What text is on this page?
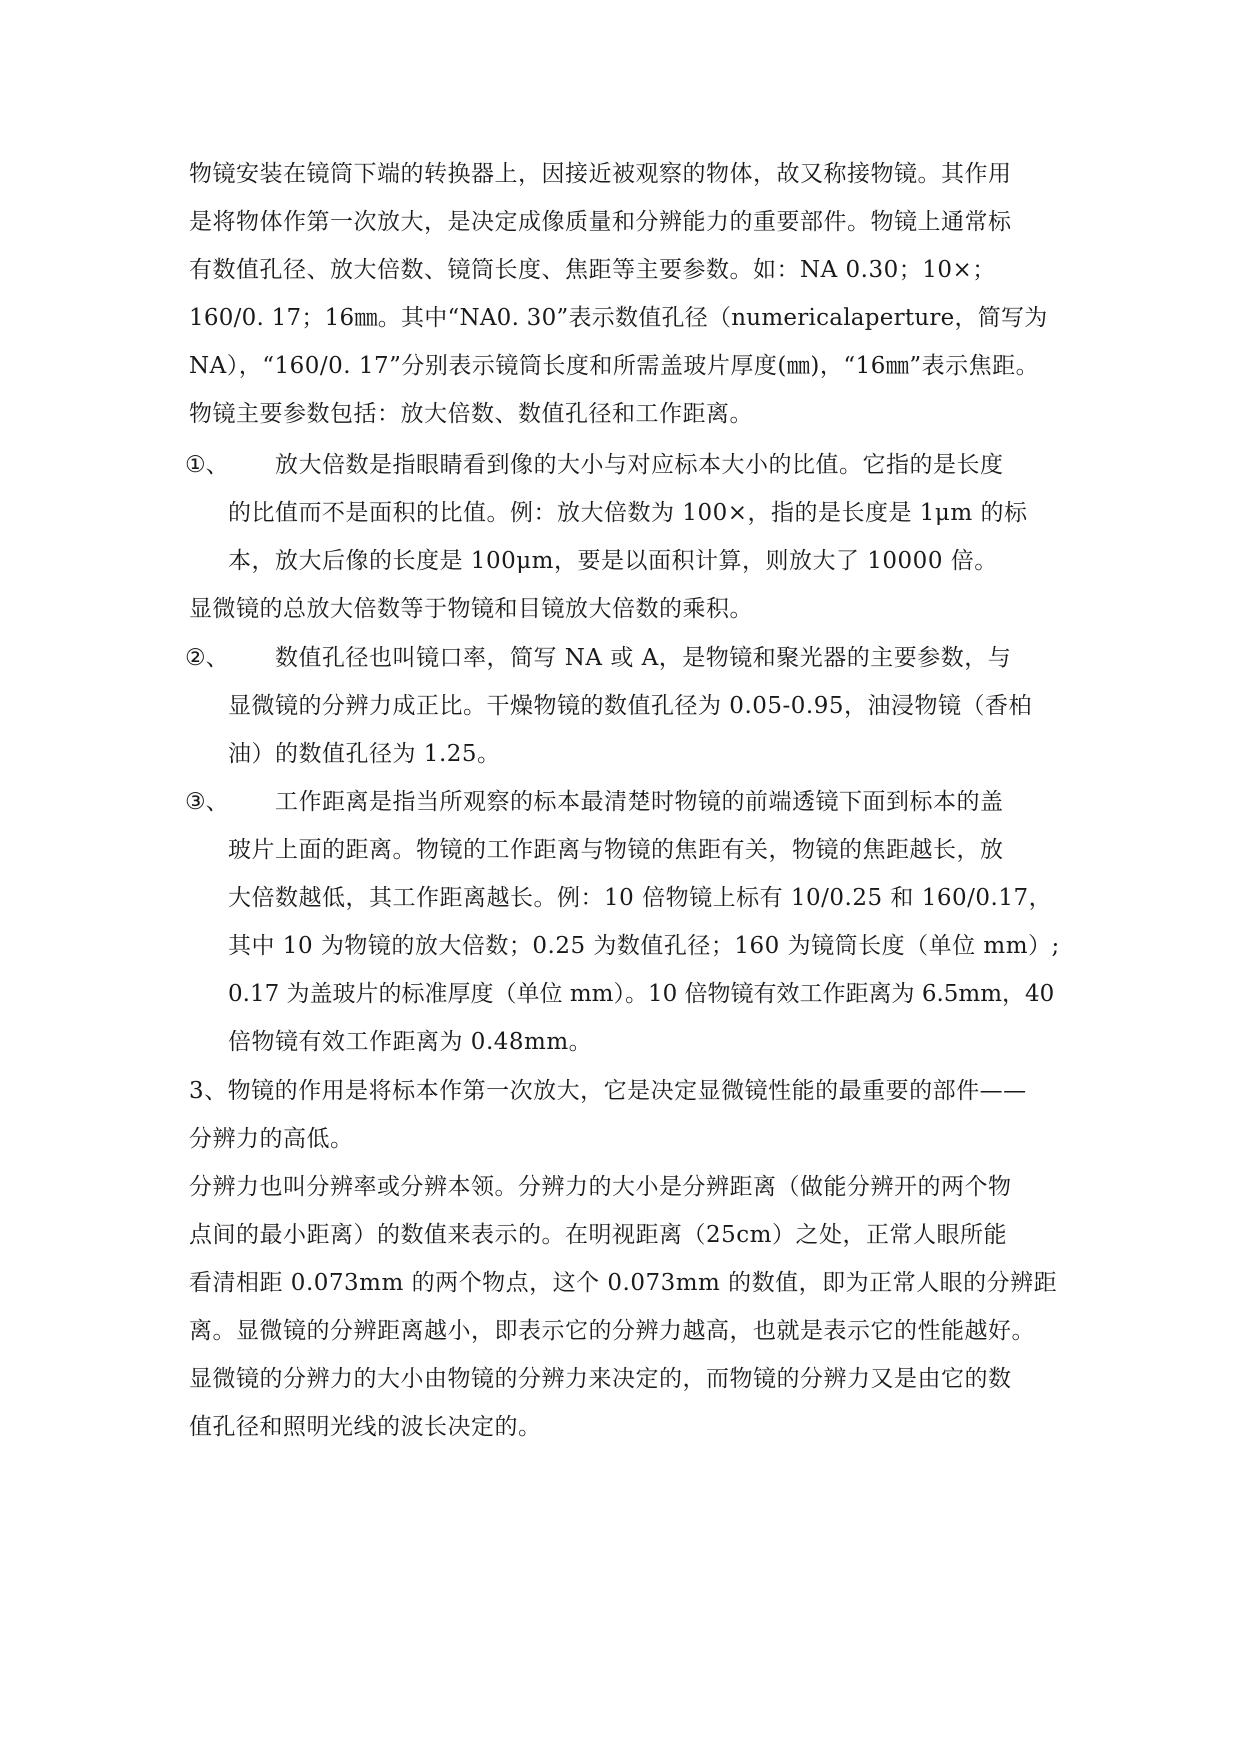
物镜安装在镜筒下端的转换器上，因接近被观察的物体，故又称接物镜。其作用
是将物体作第一次放大，是决定成像质量和分辨能力的重要部件。物镜上通常标
有数值孔径、放大倍数、镜筒长度、焦距等主要参数。如：NA 0.30；10×；
160/0. 17；16㎜。其中“NA0. 30”表示数值孔径（numericalaperture，简写为
NA），“160/0. 17”分别表示镜筒长度和所需盖玻片厚度(㎜)，“16㎜”表示焦距。
物镜主要参数包括：放大倍数、数值孔径和工作距离。
①、 放大倍数是指眼睛看到像的大小与对应标本大小的比值。它指的是长度
的比值而不是面积的比值。例：放大倍数为 100×，指的是长度是 1μm 的标
本，放大后像的长度是 100μm，要是以面积计算，则放大了 10000 倍。
显微镜的总放大倍数等于物镜和目镜放大倍数的乘积。
②、 数值孔径也叫镜口率，简写 NA 或 A，是物镜和聚光器的主要参数，与
显微镜的分辨力成正比。干燥物镜的数值孔径为 0.05-0.95，油浸物镜（香柏
油）的数值孔径为 1.25。
③、 工作距离是指当所观察的标本最清楚时物镜的前端透镜下面到标本的盖
玻片上面的距离。物镜的工作距离与物镜的焦距有关，物镜的焦距越长，放
大倍数越低，其工作距离越长。例：10 倍物镜上标有 10/0.25 和 160/0.17，
其中 10 为物镜的放大倍数；0.25 为数值孔径；160 为镜筒长度（单位 mm）;
0.17 为盖玻片的标准厚度（单位 mm）。10 倍物镜有效工作距离为 6.5mm，40
倍物镜有效工作距离为 0.48mm。
3、物镜的作用是将标本作第一次放大，它是决定显微镜性能的最重要的部件——
分辨力的高低。
分辨力也叫分辨率或分辨本领。分辨力的大小是分辨距离（做能分辨开的两个物
点间的最小距离）的数值来表示的。在明视距离（25cm）之处，正常人眼所能
看清相距 0.073mm 的两个物点，这个 0.073mm 的数值，即为正常人眼的分辨距
离。显微镜的分辨距离越小，即表示它的分辨力越高，也就是表示它的性能越好。
显微镜的分辨力的大小由物镜的分辨力来决定的，而物镜的分辨力又是由它的数
值孔径和照明光线的波长决定的。
